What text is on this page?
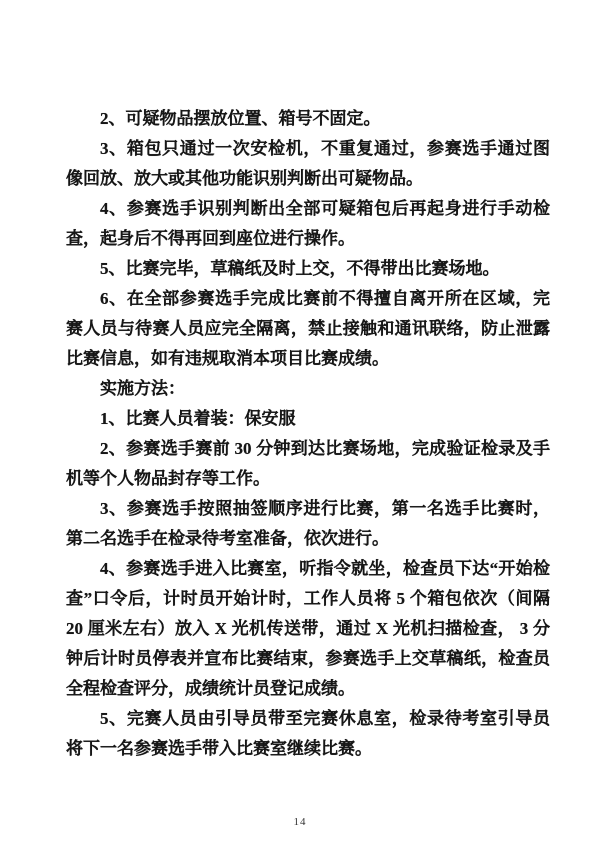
2、可疑物品摆放位置、箱号不固定。

3、箱包只通过一次安检机，不重复通过，参赛选手通过图像回放、放大或其他功能识别判断出可疑物品。

4、参赛选手识别判断出全部可疑箱包后再起身进行手动检查，起身后不得再回到座位进行操作。

5、比赛完毕，草稿纸及时上交，不得带出比赛场地。

6、在全部参赛选手完成比赛前不得擅自离开所在区域，完赛人员与待赛人员应完全隔离，禁止接触和通讯联络，防止泄露比赛信息，如有违规取消本项目比赛成绩。

实施方法：

1、比赛人员着装：保安服

2、参赛选手赛前 30 分钟到达比赛场地，完成验证检录及手机等个人物品封存等工作。

3、参赛选手按照抽签顺序进行比赛，第一名选手比赛时，第二名选手在检录待考室准备，依次进行。

4、参赛选手进入比赛室，听指令就坐，检查员下达“开始检查”口令后，计时员开始计时，工作人员将 5 个箱包依次（间隔 20 厘米左右）放入 X 光机传送带，通过 X 光机扫描检查， 3 分钟后计时员停表并宣布比赛结束，参赛选手上交草稿纸，检查员全程检查评分，成绩统计员登记成绩。

5、完赛人员由引导员带至完赛休息室，检录待考室引导员将下一名参赛选手带入比赛室继续比赛。

14
